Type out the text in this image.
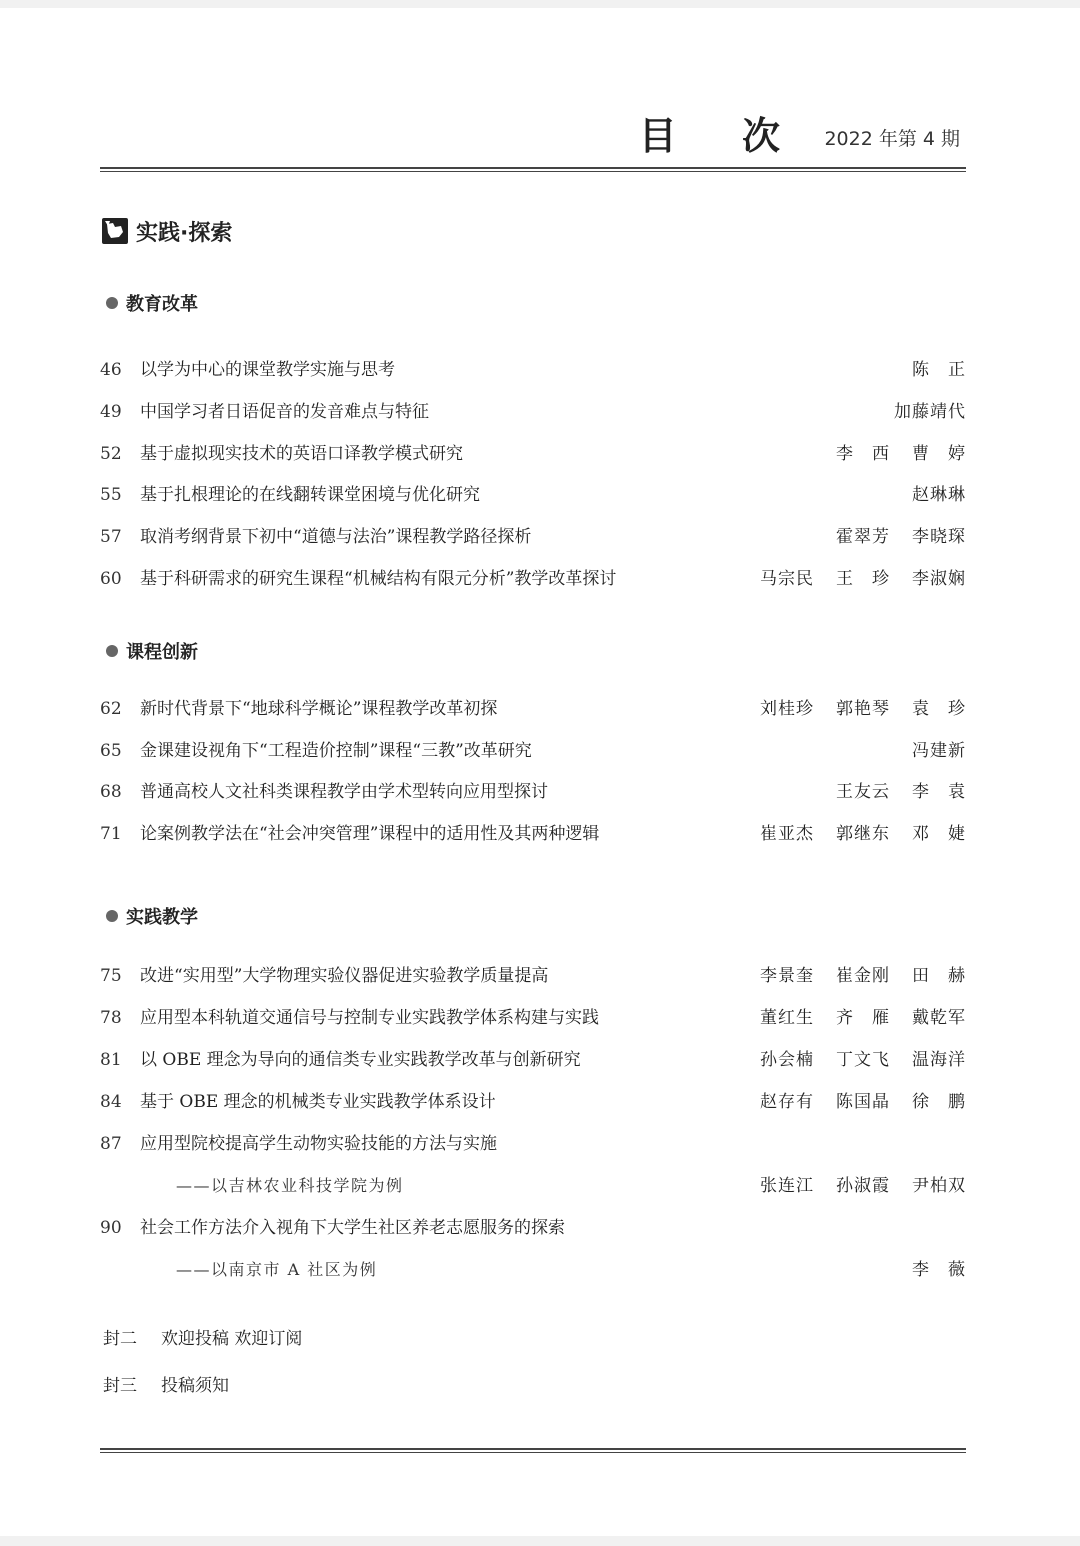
目 次 2022 年第 4 期
实践·探索
教育改革
46	以学为中心的课堂教学实施与思考	陈　正
49	中国学习者日语促音的发音难点与特征	加藤靖代
52	基于虚拟现实技术的英语口译教学模式研究	李　西 曹　婷
55	基于扎根理论的在线翻转课堂困境与优化研究	赵琳琳
57	取消考纲背景下初中“道德与法治”课程教学路径探析	霍翠芳 李晓琛
60	基于科研需求的研究生课程“机械结构有限元分析”教学改革探讨	马宗民 王　珍 李淑娴
课程创新
62	新时代背景下“地球科学概论”课程教学改革初探	刘桂珍 郭艳琴 袁　珍
65	金课建设视角下“工程造价控制”课程“三教”改革研究	冯建新
68	普通高校人文社科类课程教学由学术型转向应用型探讨	王友云 李　袁
71	论案例教学法在“社会冲突管理”课程中的适用性及其两种逻辑	崔亚杰 郭继东 邓　婕
实践教学
75	改进“实用型”大学物理实验仪器促进实验教学质量提高	李景奎 崔金刚 田　赫
78	应用型本科轨道交通信号与控制专业实践教学体系构建与实践	董红生 齐　雁 戴乾军
81	以 OBE 理念为导向的通信类专业实践教学改革与创新研究	孙会楠 丁文飞 温海洋
84	基于 OBE 理念的机械类专业实践教学体系设计	赵存有 陈国晶 徐　鹏
87	应用型院校提高学生动物实验技能的方法与实施
——以吉林农业科技学院为例	张连江 孙淑霞 尹柏双
90	社会工作方法介入视角下大学生社区养老志愿服务的探索
——以南京市 A 社区为例	李　薇
封二 欢迎投稿 欢迎订阅
封三 投稿须知
